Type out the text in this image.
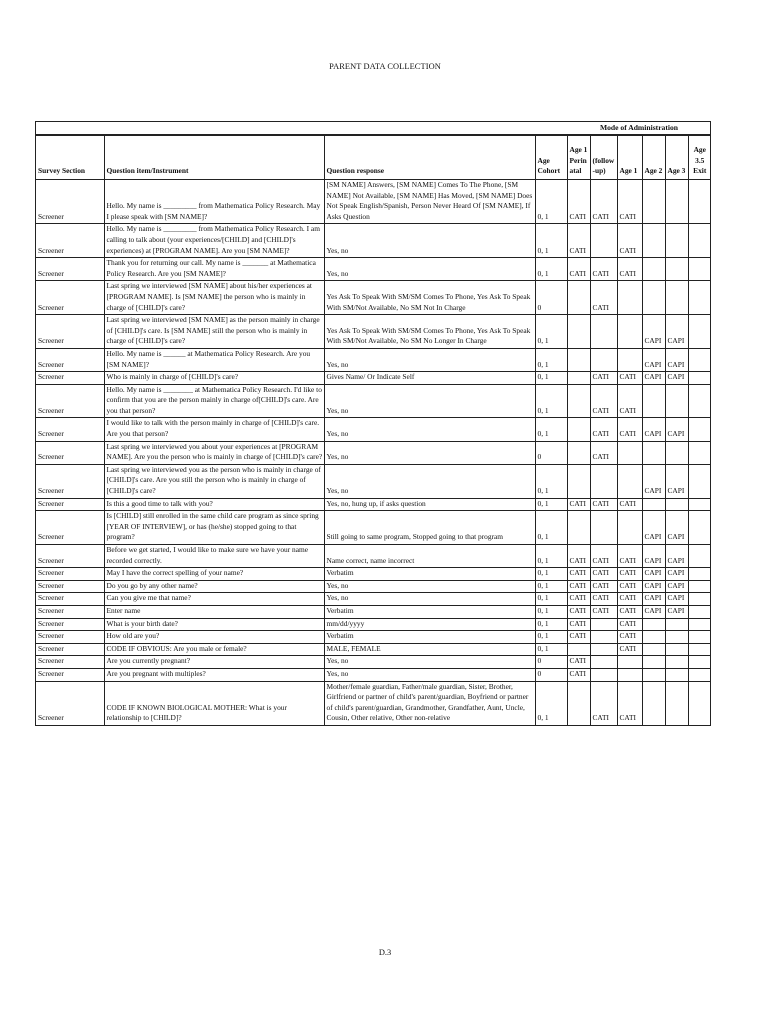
PARENT DATA COLLECTION
Mode of Administration
Survey Section	Question item/Instrument	Question response	Age Cohort	Age 1 Perinatal	(follow-up)	Age 1	Age 2	Age 3	Age 3.5 Exit
Screener	Hello. My name is _________ from Mathematica Policy Research. May I please speak with [SM NAME]?	[SM NAME] Answers, [SM NAME] Comes To The Phone, [SM NAME] Not Available, [SM NAME] Has Moved, [SM NAME] Does Not Speak English/Spanish, Person Never Heard Of [SM NAME], If Asks Question	0, 1	CATI	CATI	CATI			
Screener	Hello. My name is _________ from Mathematica Policy Research. I am calling to talk about (your experiences/[CHILD] and [CHILD]'s experiences) at [PROGRAM NAME]. Are you [SM NAME]?	Yes, no	0, 1	CATI		CATI			
Screener	Thank you for returning our call. My name is _______ at Mathematica Policy Research. Are you [SM NAME]?	Yes, no	0, 1	CATI	CATI	CATI			
Screener	Last spring we interviewed [SM NAME] about his/her experiences at [PROGRAM NAME]. Is [SM NAME] the person who is mainly in charge of [CHILD]'s care?	Yes Ask To Speak With SM/SM Comes To Phone, Yes Ask To Speak With SM/Not Available, No SM Not In Charge	0		CATI				
Screener	Last spring we interviewed [SM NAME] as the person mainly in charge of [CHILD]'s care. Is [SM NAME] still the person who is mainly in charge of [CHILD]'s care?	Yes Ask To Speak With SM/SM Comes To Phone, Yes Ask To Speak With SM/Not Available, No SM No Longer In Charge	0, 1				CAPI	CAPI	
Screener	Hello. My name is ______ at Mathematica Policy Research. Are you [SM NAME]?	Yes, no	0, 1				CAPI	CAPI	
Screener	Who is mainly in charge of [CHILD]'s care?	Gives Name/ Or Indicate Self	0, 1		CATI	CATI	CAPI	CAPI	
Screener	Hello. My name is ________ at Mathematica Policy Research. I'd like to confirm that you are the person mainly in charge of[CHILD]'s care. Are you that person?	Yes, no	0, 1		CATI	CATI			
Screener	I would like to talk with the person mainly in charge of [CHILD]'s care. Are you that person?	Yes, no	0, 1		CATI	CATI	CAPI	CAPI	
Screener	Last spring we interviewed you about your experiences at [PROGRAM NAME]. Are you the person who is mainly in charge of [CHILD]'s care?	Yes, no	0		CATI				
Screener	Last spring we interviewed you as the person who is mainly in charge of [CHILD]'s care. Are you still the person who is mainly in charge of [CHILD]'s care?	Yes, no	0, 1				CAPI	CAPI	
Screener	Is this a good time to talk with you?	Yes, no, hung up, if asks question	0, 1	CATI	CATI	CATI			
Screener	Is [CHILD] still enrolled in the same child care program as since spring [YEAR OF INTERVIEW], or has (he/she) stopped going to that program?	Still going to same program, Stopped going to that program	0, 1				CAPI	CAPI	
Screener	Before we get started, I would like to make sure we have your name recorded correctly.	Name correct, name incorrect	0, 1	CATI	CATI	CATI	CAPI	CAPI	
Screener	May I have the correct spelling of your name?	Verbatim	0, 1	CATI	CATI	CATI	CAPI	CAPI	
Screener	Do you go by any other name?	Yes, no	0, 1	CATI	CATI	CATI	CAPI	CAPI	
Screener	Can you give me that name?	Yes, no	0, 1	CATI	CATI	CATI	CAPI	CAPI	
Screener	Enter name	Verbatim	0, 1	CATI	CATI	CATI	CAPI	CAPI	
Screener	What is your birth date?	mm/dd/yyyy	0, 1	CATI		CATI			
Screener	How old are you?	Verbatim	0, 1	CATI		CATI			
Screener	CODE IF OBVIOUS: Are you male or female?	MALE, FEMALE	0, 1			CATI			
Screener	Are you currently pregnant?	Yes, no	0	CATI					
Screener	Are you pregnant with multiples?	Yes, no	0	CATI					
Screener	CODE IF KNOWN BIOLOGICAL MOTHER: What is your relationship to [CHILD]?	Mother/female guardian, Father/male guardian, Sister, Brother, Girlfriend or partner of child's parent/guardian, Boyfriend or partner of child's parent/guardian, Grandmother, Grandfather, Aunt, Uncle, Cousin, Other relative, Other non-relative	0, 1		CATI	CATI			
D.3
